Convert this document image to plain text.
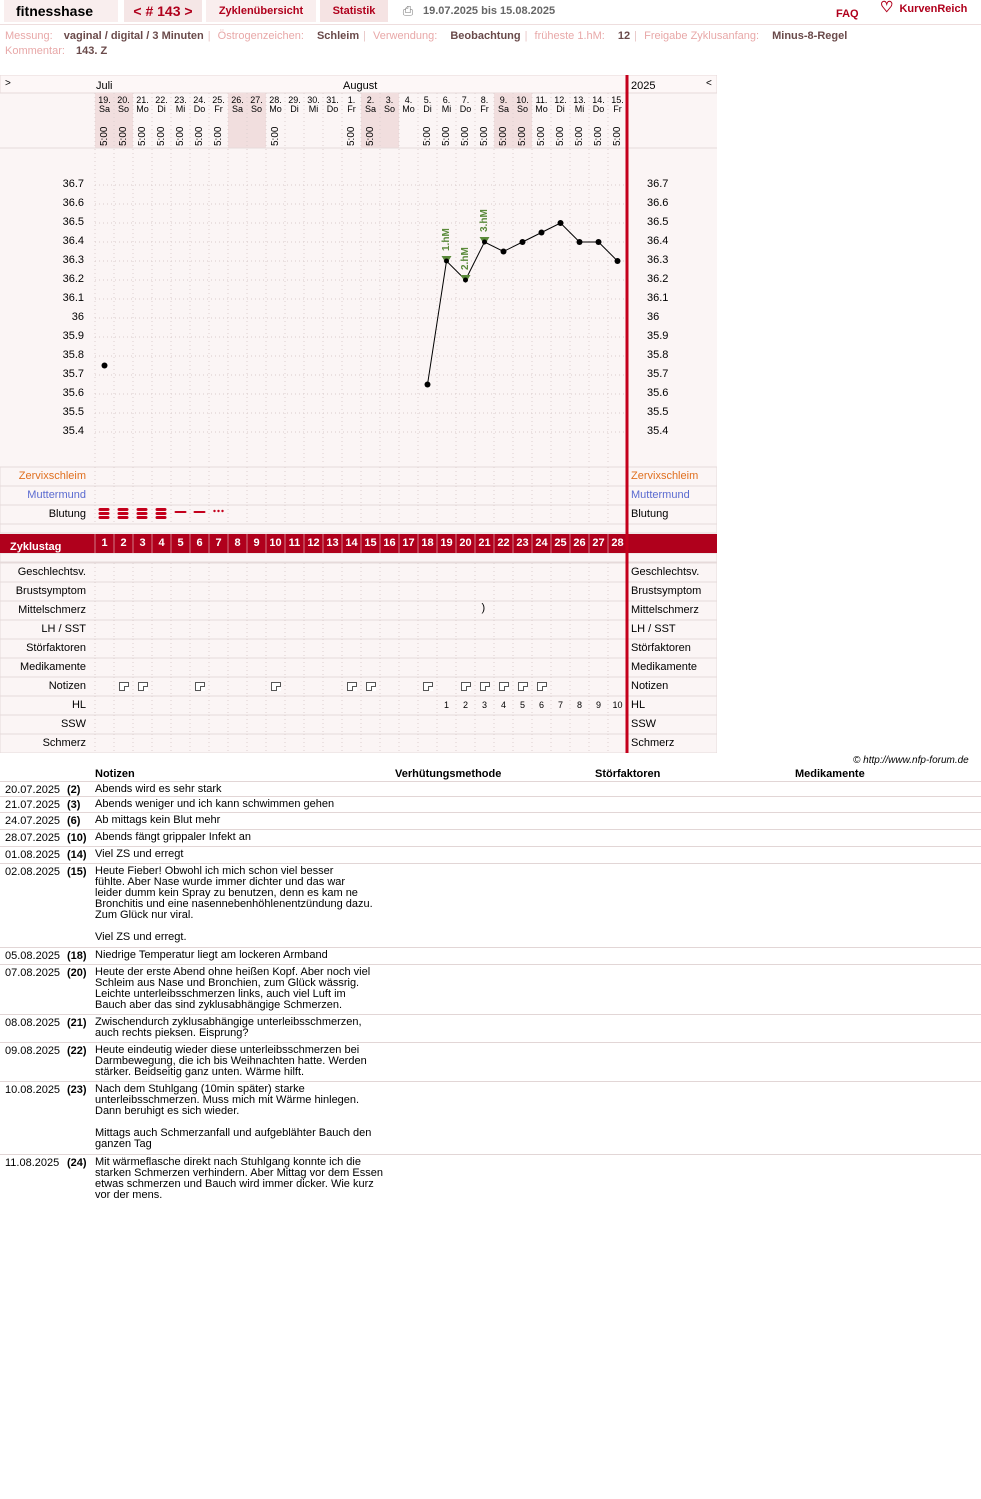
fitnesshase	< # 143 >	Zyklenübersicht	Statistik	⎙ 19.07.2025 bis 15.08.2025	FAQ ♡ KurvenReich
Messung: vaginal / digital / 3 Minuten | Östrogenzeichen: Schleim | Verwendung: Beobachtung | früheste 1.hM: 12 | Freigabe Zyklusanfang: Minus-8-Regel
Kommentar: 143. Z
>	<
Juli	August	2025
36.7	36.7
36.6	36.6
36.5	36.5
36.4	36.4
36.3	36.3
36.2	36.2
36.1	36.1
36	36
35.9	35.9
35.8	35.8
35.7	35.7
35.6	35.6
35.5	35.5
35.4	35.4
Zervixschleim	Zervixschleim
Muttermund	Muttermund
Blutung	Blutung
Geschlechtsv.	Geschlechtsv.
Brustsymptom	Brustsymptom
Mittelschmerz	Mittelschmerz
LH / SST	LH / SST
Störfaktoren	Störfaktoren
Medikamente	Medikamente
Notizen	Notizen
HL	HL
SSW	SSW
Schmerz	Schmerz
1	2	3	4	5	6	7	8	9 10 11 12 13 14 15 16 17 18 19 20 21 22 23 24 25 26 27 28
19.
Sa
5:00
20.
So
5:00
21.
Mo
5:00
22.
Di
5:00
23.
Mi
5:00
24.
Do
5:00
25.
Fr
5:00
26.
Sa
27.
So
28.
Mo
5:00
29.
Di
30.
Mi
31.
Do
1.
Fr
5:00
2.
Sa
5:00
3.
So
4.
Mo
5.
Di
5:00
6.
Mi
5:00
7.
Do
5:00
8.
Fr
5:00
9.
Sa
5:00
10.
So
5:00
11.
Mo
5:00
12.
Di
5:00
13.
Mi
5:00
14.
Do
5:00
15.
Fr
5:00
1.hM
2.hM
3.hM
)
1	2	3	4	5	6	7	8	9	10
Zyklustag
© http://www.nfp-forum.de
Notizen	Verhütungsmethode	Störfaktoren	Medikamente
20.07.2025 (2) Abends wird es sehr stark
21.07.2025 (3) Abends weniger und ich kann schwimmen gehen
24.07.2025 (6) Ab mittags kein Blut mehr
28.07.2025 (10) Abends fängt grippaler Infekt an
01.08.2025 (14) Viel ZS und erregt
02.08.2025 (15) Heute Fieber! Obwohl ich mich schon viel besser
fühlte. Aber Nase wurde immer dichter und das war
leider dumm kein Spray zu benutzen, denn es kam ne
Bronchitis und eine nasennebenhöhlenentzündung dazu.
Zum Glück nur viral.

Viel ZS und erregt.
05.08.2025 (18) Niedrige Temperatur liegt am lockeren Armband
07.08.2025 (20) Heute der erste Abend ohne heißen Kopf. Aber noch viel
Schleim aus Nase und Bronchien, zum Glück wässrig.
Leichte unterleibsschmerzen links, auch viel Luft im
Bauch aber das sind zyklusabhängige Schmerzen.
08.08.2025 (21) Zwischendurch zyklusabhängige unterleibsschmerzen,
auch rechts pieksen. Eisprung?
09.08.2025 (22) Heute eindeutig wieder diese unterleibsschmerzen bei
Darmbewegung, die ich bis Weihnachten hatte. Werden
stärker. Beidseitig ganz unten. Wärme hilft.
10.08.2025 (23) Nach dem Stuhlgang (10min später) starke
unterleibsschmerzen. Muss mich mit Wärme hinlegen.
Dann beruhigt es sich wieder.

Mittags auch Schmerzanfall und aufgeblähter Bauch den
ganzen Tag
11.08.2025 (24) Mit wärmeflasche direkt nach Stuhlgang konnte ich die
starken Schmerzen verhindern. Aber Mittag vor dem Essen
etwas schmerzen und Bauch wird immer dicker. Wie kurz
vor der mens.
